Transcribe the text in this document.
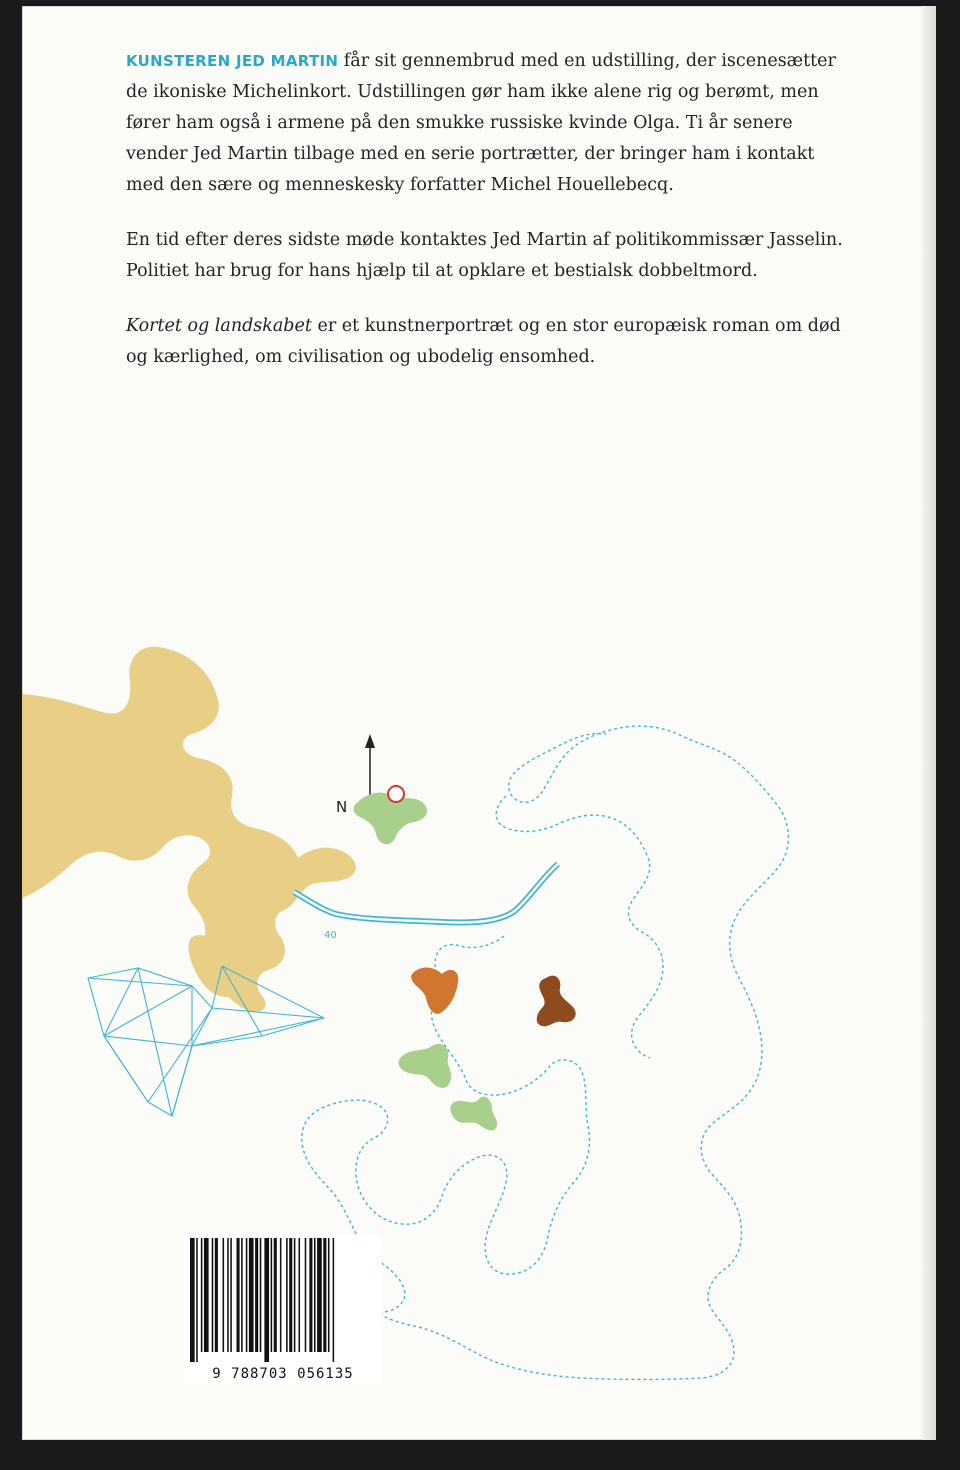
KUNSTEREN JED MARTIN får sit gennembrud med en udstilling, der iscenesætter de ikoniske Michelinkort. Udstillingen gør ham ikke alene rig og berømt, men fører ham også i armene på den smukke russiske kvinde Olga. Ti år senere vender Jed Martin tilbage med en serie portrætter, der bringer ham i kontakt med den sære og menneskesky forfatter Michel Houellebecq.

En tid efter deres sidste møde kontaktes Jed Martin af politikommissær Jasselin. Politiet har brug for hans hjælp til at opklare et bestialsk dobbeltmord.

Kortet og landskabet er et kunstnerportræt og en stor europæisk roman om død og kærlighed, om civilisation og ubodelig ensomhed.

N
40
9 788703 056135
